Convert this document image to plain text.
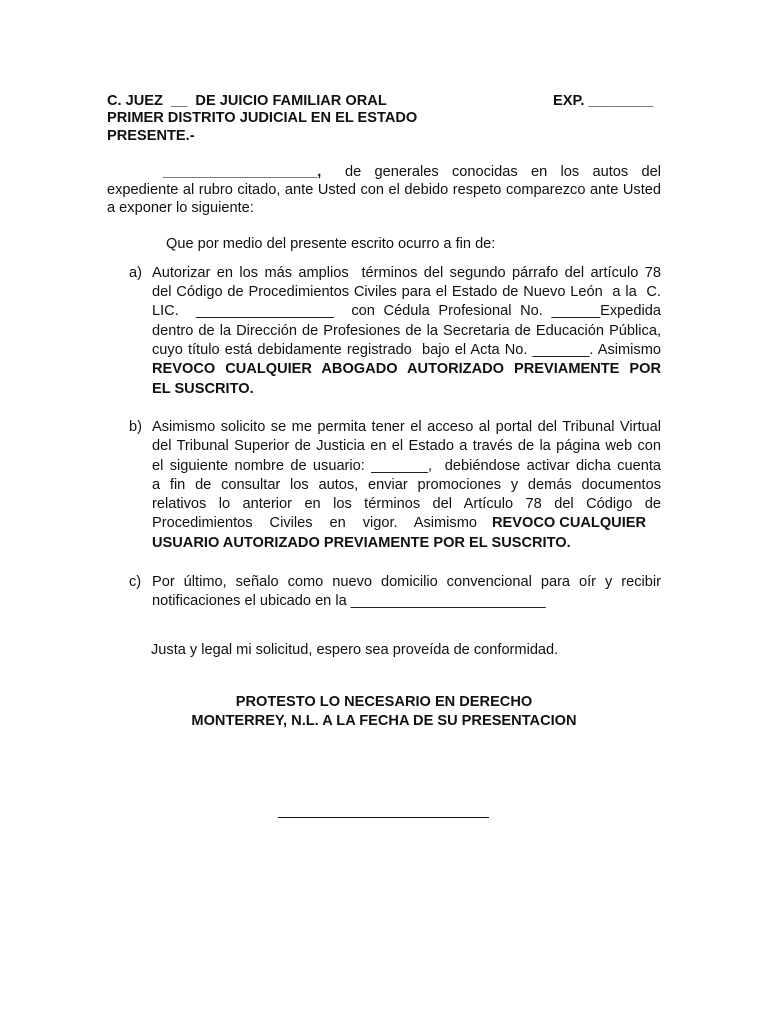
C. JUEZ  __  DE JUICIO FAMILIAR ORAL	EXP. ________
PRIMER DISTRITO JUDICIAL EN EL ESTADO
PRESENTE.-
___________________, de generales conocidas en los autos del
expediente al rubro citado, ante Usted con el debido respeto comparezco ante Usted
a exponer lo siguiente:
Que por medio del presente escrito ocurro a fin de:
a) Autorizar en los más amplios  términos del segundo párrafo del artículo 78
del Código de Procedimientos Civiles para el Estado de Nuevo León  a la  C.
LIC.  _________________  con Cédula Profesional No. ______Expedida
dentro de la Dirección de Profesiones de la Secretaria de Educación Pública,
cuyo título está debidamente registrado  bajo el Acta No. _______. Asimismo
REVOCO CUALQUIER ABOGADO AUTORIZADO PREVIAMENTE POR
EL SUSCRITO.
b) Asimismo solicito se me permita tener el acceso al portal del Tribunal Virtual
del Tribunal Superior de Justicia en el Estado a través de la página web con
el siguiente nombre de usuario: _______,  debiéndose activar dicha cuenta
a fin de consultar los autos, enviar promociones y demás documentos
relativos lo anterior en los términos del Artículo 78 del Código de
Procedimientos Civiles en vigor. Asimismo REVOCO CUALQUIER
USUARIO AUTORIZADO PREVIAMENTE POR EL SUSCRITO.
c) Por último, señalo como nuevo domicilio convencional para oír y recibir
notificaciones el ubicado en la ________________________
Justa y legal mi solicitud, espero sea proveída de conformidad.
PROTESTO LO NECESARIO EN DERECHO
MONTERREY, N.L. A LA FECHA DE SU PRESENTACION
